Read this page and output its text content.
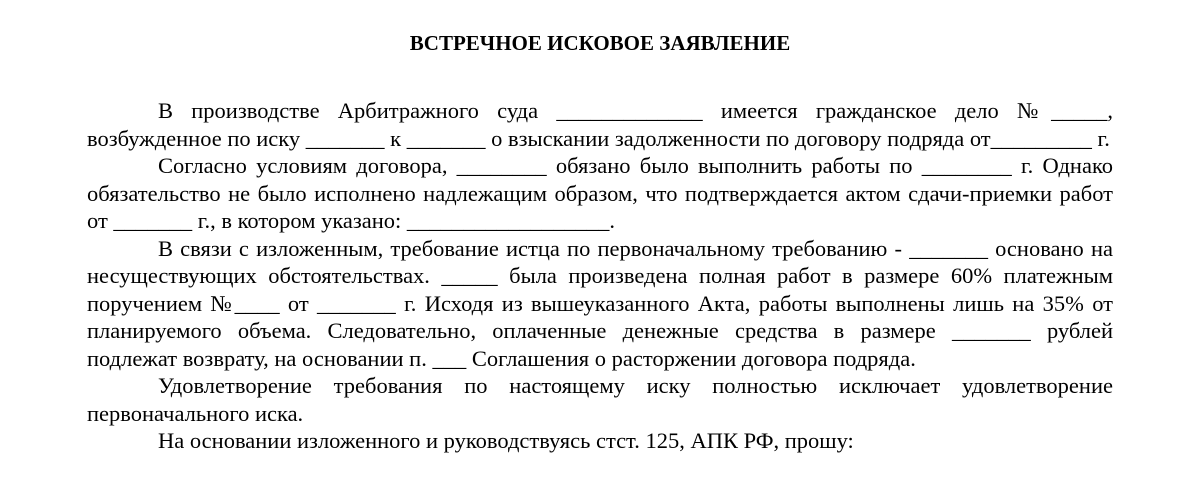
ВСТРЕЧНОЕ ИСКОВОЕ ЗАЯВЛЕНИЕ

В производстве Арбитражного суда _____________ имеется гражданское дело №_____, возбужденное по иску _______ к _______ о взыскании задолженности по договору подряда от_________ г.

Согласно условиям договора, ________ обязано было выполнить работы по ________ г. Однако обязательство не было исполнено надлежащим образом, что подтверждается актом сдачи-приемки работ от _______ г., в котором указано: __________________.

В связи с изложенным, требование истца по первоначальному требованию - _______ основано на несуществующих обстоятельствах. _____ была произведена полная работ в размере 60% платежным поручением №____ от _______ г. Исходя из вышеуказанного Акта, работы выполнены лишь на 35% от планируемого объема. Следовательно, оплаченные денежные средства в размере _______ рублей подлежат возврату, на основании п. ___ Соглашения о расторжении договора подряда.

Удовлетворение требования по настоящему иску полностью исключает удовлетворение первоначального иска.

На основании изложенного и руководствуясь стст. 125, АПК РФ, прошу:
